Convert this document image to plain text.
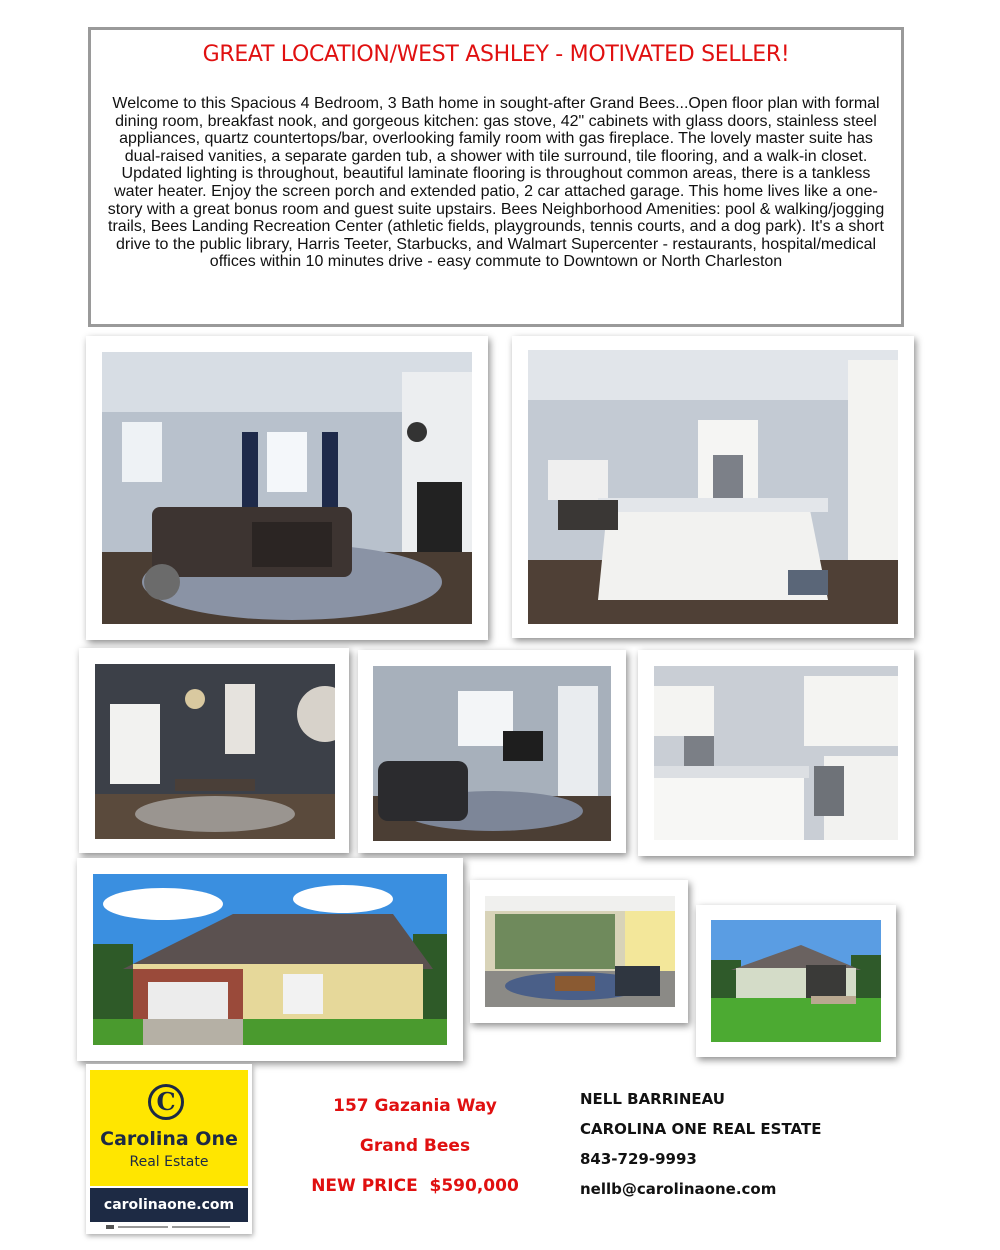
GREAT LOCATION/WEST ASHLEY - MOTIVATED SELLER!

Welcome to this Spacious 4 Bedroom, 3 Bath home in sought-after Grand Bees...Open floor plan with formal dining room, breakfast nook, and gorgeous kitchen: gas stove, 42" cabinets with glass doors, stainless steel appliances, quartz countertops/bar, overlooking family room with gas fireplace. The lovely master suite has dual-raised vanities, a separate garden tub, a shower with tile surround, tile flooring, and a walk-in closet. Updated lighting is throughout, beautiful laminate flooring is throughout common areas, there is a tankless water heater. Enjoy the screen porch and extended patio, 2 car attached garage. This home lives like a one-story with a great bonus room and guest suite upstairs. Bees Neighborhood Amenities: pool & walking/jogging trails, Bees Landing Recreation Center (athletic fields, playgrounds, tennis courts, and a dog park). It's a short drive to the public library, Harris Teeter, Starbucks, and Walmart Supercenter - restaurants, hospital/medical offices within 10 minutes drive - easy commute to Downtown or North Charleston

C
Carolina One
Real Estate
carolinaone.com
157 Gazania Way
Grand Bees
NEW PRICE  $590,000
NELL BARRINEAU
CAROLINA ONE REAL ESTATE
843-729-9993
nellb@carolinaone.com
